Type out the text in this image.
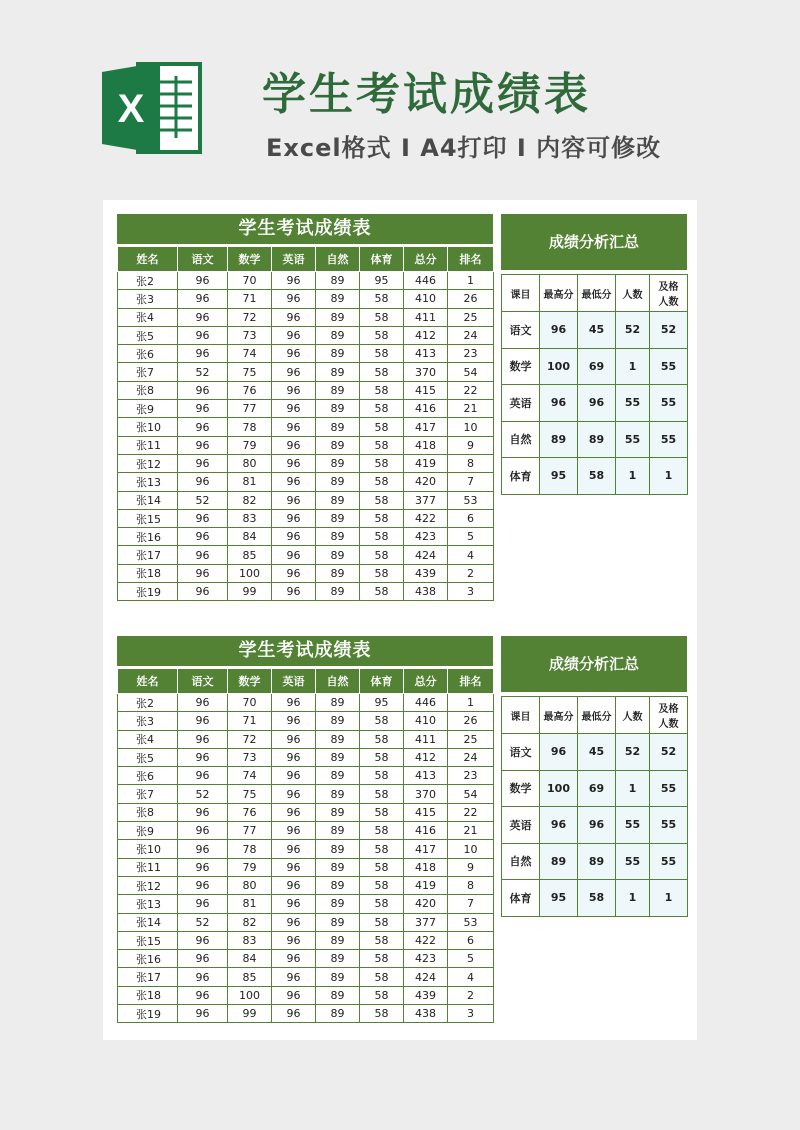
X	学生考试成绩表
Excel格式 Ⅰ A4打印 Ⅰ 内容可修改
学生考试成绩表
姓名	语文	数学	英语	自然	体育	总分	排名
张2	96	70	96	89	95	446	1
张3	96	71	96	89	58	410	26
张4	96	72	96	89	58	411	25
张5	96	73	96	89	58	412	24
张6	96	74	96	89	58	413	23
张7	52	75	96	89	58	370	54
张8	96	76	96	89	58	415	22
张9	96	77	96	89	58	416	21
张10	96	78	96	89	58	417	10
张11	96	79	96	89	58	418	9
张12	96	80	96	89	58	419	8
张13	96	81	96	89	58	420	7
张14	52	82	96	89	58	377	53
张15	96	83	96	89	58	422	6
张16	96	84	96	89	58	423	5
张17	96	85	96	89	58	424	4
张18	96	100	96	89	58	439	2
张19	96	99	96	89	58	438	3
成绩分析汇总
课目	最高分	最低分	人数	及格
人数
语文	96	45	52	52
数学	100	69	1	55
英语	96	96	55	55
自然	89	89	55	55
体育	95	58	1	1
学生考试成绩表
姓名	语文	数学	英语	自然	体育	总分	排名
张2	96	70	96	89	95	446	1
张3	96	71	96	89	58	410	26
张4	96	72	96	89	58	411	25
张5	96	73	96	89	58	412	24
张6	96	74	96	89	58	413	23
张7	52	75	96	89	58	370	54
张8	96	76	96	89	58	415	22
张9	96	77	96	89	58	416	21
张10	96	78	96	89	58	417	10
张11	96	79	96	89	58	418	9
张12	96	80	96	89	58	419	8
张13	96	81	96	89	58	420	7
张14	52	82	96	89	58	377	53
张15	96	83	96	89	58	422	6
张16	96	84	96	89	58	423	5
张17	96	85	96	89	58	424	4
张18	96	100	96	89	58	439	2
张19	96	99	96	89	58	438	3
成绩分析汇总
课目	最高分	最低分	人数	及格
人数
语文	96	45	52	52
数学	100	69	1	55
英语	96	96	55	55
自然	89	89	55	55
体育	95	58	1	1
